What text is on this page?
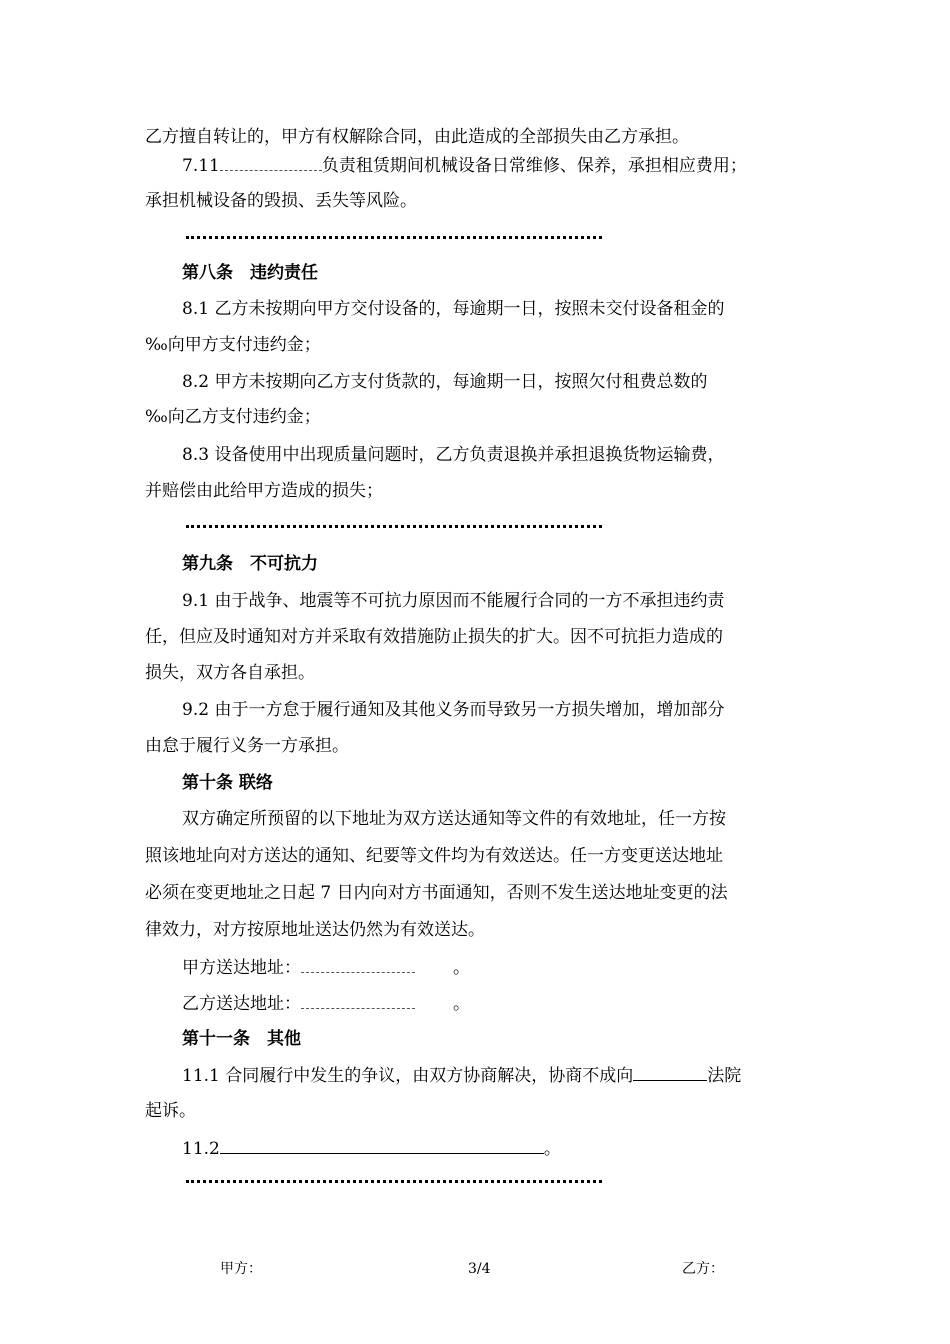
乙方擅自转让的，甲方有权解除合同，由此造成的全部损失由乙方承担。
7.11	负责租赁期间机械设备日常维修、保养，承担相应费用；
承担机械设备的毁损、丢失等风险。
第八条　违约责任
8.1 乙方未按期向甲方交付设备的，每逾期一日，按照未交付设备租金的
‰向甲方支付违约金；
8.2 甲方未按期向乙方支付货款的，每逾期一日，按照欠付租费总数的
‰向乙方支付违约金；
8.3 设备使用中出现质量问题时，乙方负责退换并承担退换货物运输费，
并赔偿由此给甲方造成的损失；
第九条　不可抗力
9.1 由于战争、地震等不可抗力原因而不能履行合同的一方不承担违约责
任，但应及时通知对方并采取有效措施防止损失的扩大。因不可抗拒力造成的
损失，双方各自承担。
9.2 由于一方怠于履行通知及其他义务而导致另一方损失增加，增加部分
由怠于履行义务一方承担。
第十条 联络
双方确定所预留的以下地址为双方送达通知等文件的有效地址，任一方按
照该地址向对方送达的通知、纪要等文件均为有效送达。任一方变更送达地址
必须在变更地址之日起 7 日内向对方书面通知，否则不发生送达地址变更的法
律效力，对方按原地址送达仍然为有效送达。
甲方送达地址：	。
乙方送达地址：	。
第十一条　其他
11.1 合同履行中发生的争议，由双方协商解决，协商不成向	法院
起诉。
11.2	。
甲方：	3/4	乙方：
